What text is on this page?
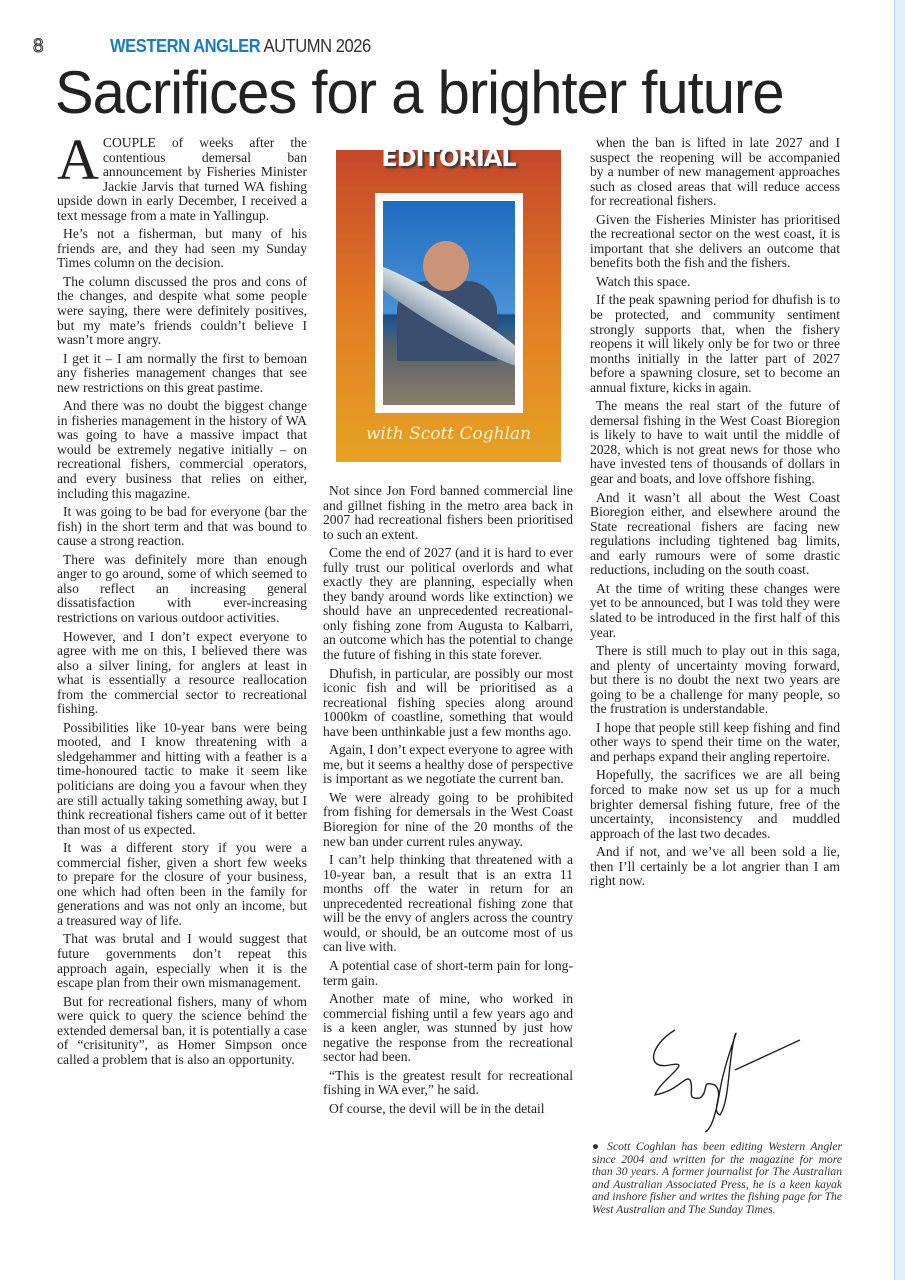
8	WESTERN ANGLER AUTUMN 2026
Sacrifices for a brighter future

ACOUPLE of weeks after the contentious demersal ban announcement by Fisheries Minister Jackie Jarvis that turned WA fishing upside down in early December, I received a text message from a mate in Yallingup.

He’s not a fisherman, but many of his friends are, and they had seen my Sunday Times column on the decision.

The column discussed the pros and cons of the changes, and despite what some people were saying, there were definitely positives, but my mate’s friends couldn’t believe I wasn’t more angry.

I get it – I am normally the first to bemoan any fisheries management changes that see new restrictions on this great pastime.

And there was no doubt the biggest change in fisheries management in the history of WA was going to have a massive impact that would be extremely negative initially – on recreational fishers, commercial operators, and every business that relies on either, including this magazine.

It was going to be bad for everyone (bar the fish) in the short term and that was bound to cause a strong reaction.

There was definitely more than enough anger to go around, some of which seemed to also reflect an increasing general dissatisfaction with ever-increasing restrictions on various outdoor activities.

However, and I don’t expect everyone to agree with me on this, I believed there was also a silver lining, for anglers at least in what is essentially a resource reallocation from the commercial sector to recreational fishing.

Possibilities like 10-year bans were being mooted, and I know threatening with a sledgehammer and hitting with a feather is a time-honoured tactic to make it seem like politicians are doing you a favour when they are still actually taking something away, but I think recreational fishers came out of it better than most of us expected.

It was a different story if you were a commercial fisher, given a short few weeks to prepare for the closure of your business, one which had often been in the family for generations and was not only an income, but a treasured way of life.

That was brutal and I would suggest that future governments don’t repeat this approach again, especially when it is the escape plan from their own mismanagement.

But for recreational fishers, many of whom were quick to query the science behind the extended demersal ban, it is potentially a case of “crisitunity”, as Homer Simpson once called a problem that is also an opportunity.

EDITORIAL
with Scott Coghlan

Not since Jon Ford banned commercial line and gillnet fishing in the metro area back in 2007 had recreational fishers been prioritised to such an extent.

Come the end of 2027 (and it is hard to ever fully trust our political overlords and what exactly they are planning, especially when they bandy around words like extinction) we should have an unprecedented recreational-only fishing zone from Augusta to Kalbarri, an outcome which has the potential to change the future of fishing in this state forever.

Dhufish, in particular, are possibly our most iconic fish and will be prioritised as a recreational fishing species along around 1000km of coastline, something that would have been unthinkable just a few months ago.

Again, I don’t expect everyone to agree with me, but it seems a healthy dose of perspective is important as we negotiate the current ban.

We were already going to be prohibited from fishing for demersals in the West Coast Bioregion for nine of the 20 months of the new ban under current rules anyway.

I can’t help thinking that threatened with a 10-year ban, a result that is an extra 11 months off the water in return for an unprecedented recreational fishing zone that will be the envy of anglers across the country would, or should, be an outcome most of us can live with.

A potential case of short-term pain for long-term gain.

Another mate of mine, who worked in commercial fishing until a few years ago and is a keen angler, was stunned by just how negative the response from the recreational sector had been.

“This is the greatest result for recreational fishing in WA ever,” he said.

Of course, the devil will be in the detail

when the ban is lifted in late 2027 and I suspect the reopening will be accompanied by a number of new management approaches such as closed areas that will reduce access for recreational fishers.

Given the Fisheries Minister has prioritised the recreational sector on the west coast, it is important that she delivers an outcome that benefits both the fish and the fishers.

Watch this space.

If the peak spawning period for dhufish is to be protected, and community sentiment strongly supports that, when the fishery reopens it will likely only be for two or three months initially in the latter part of 2027 before a spawning closure, set to become an annual fixture, kicks in again.

The means the real start of the future of demersal fishing in the West Coast Bioregion is likely to have to wait until the middle of 2028, which is not great news for those who have invested tens of thousands of dollars in gear and boats, and love offshore fishing.

And it wasn’t all about the West Coast Bioregion either, and elsewhere around the State recreational fishers are facing new regulations including tightened bag limits, and early rumours were of some drastic reductions, including on the south coast.

At the time of writing these changes were yet to be announced, but I was told they were slated to be introduced in the first half of this year.

There is still much to play out in this saga, and plenty of uncertainty moving forward, but there is no doubt the next two years are going to be a challenge for many people, so the frustration is understandable.

I hope that people still keep fishing and find other ways to spend their time on the water, and perhaps expand their angling repertoire.

Hopefully, the sacrifices we are all being forced to make now set us up for a much brighter demersal fishing future, free of the uncertainty, inconsistency and muddled approach of the last two decades.

And if not, and we’ve all been sold a lie, then I’ll certainly be a lot angrier than I am right now.

● Scott Coghlan has been editing Western Angler since 2004 and written for the magazine for more than 30 years. A former journalist for The Australian and Australian Associated Press, he is a keen kayak and inshore fisher and writes the fishing page for The West Australian and The Sunday Times.
